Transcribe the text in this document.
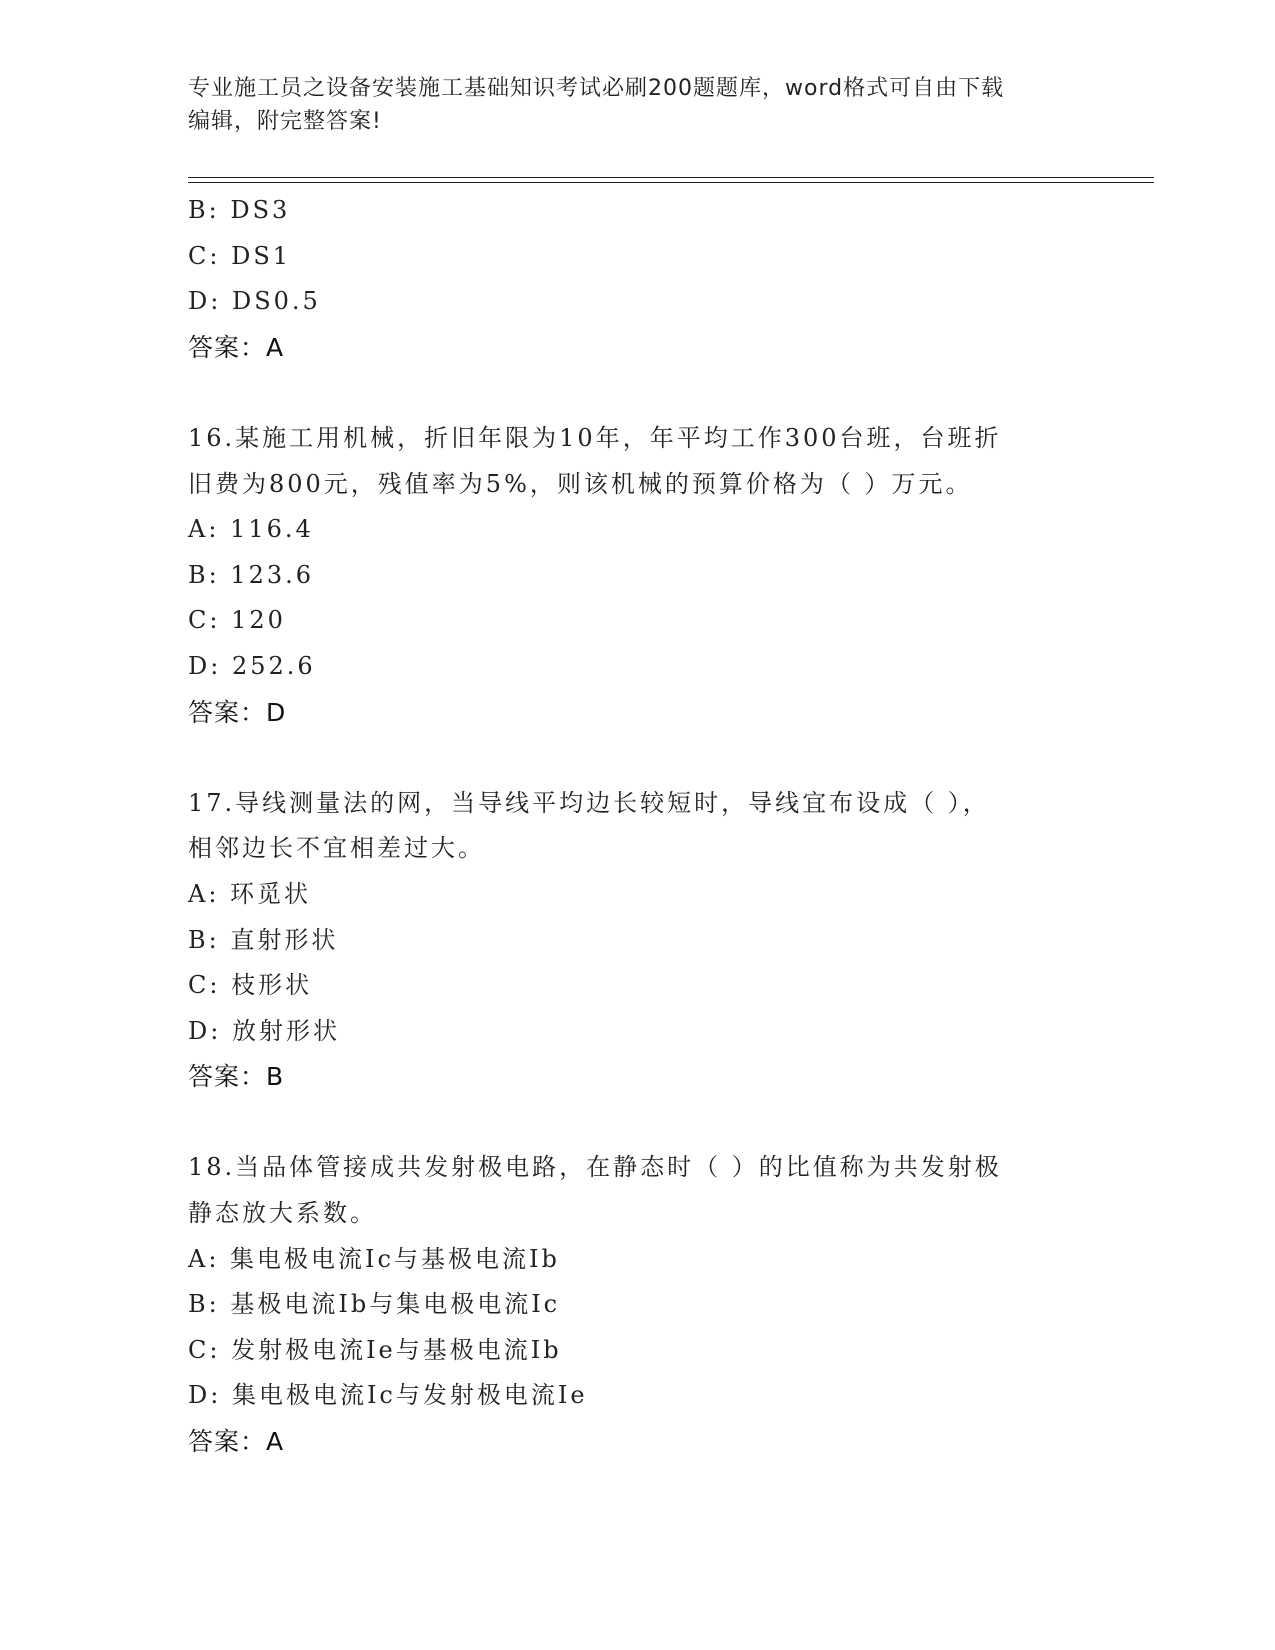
专业施工员之设备安装施工基础知识考试必刷200题题库，word格式可自由下载
编辑，附完整答案!
B: DS3
C: DS1
D: DS0.5
答案：A
16.某施工用机械，折旧年限为10年，年平均工作300台班，台班折
旧费为800元，残值率为5%，则该机械的预算价格为（ ）万元。
A: 116.4
B: 123.6
C: 120
D: 252.6
答案：D
17.导线测量法的网，当导线平均边长较短时，导线宜布设成（ ），
相邻边长不宜相差过大。
A: 环觅状
B: 直射形状
C: 枝形状
D: 放射形状
答案：B
18.当品体管接成共发射极电路，在静态时（ ）的比值称为共发射极
静态放大系数。
A: 集电极电流Ic与基极电流Ib
B: 基极电流Ib与集电极电流Ic
C: 发射极电流Ie与基极电流Ib
D: 集电极电流Ic与发射极电流Ie
答案：A
